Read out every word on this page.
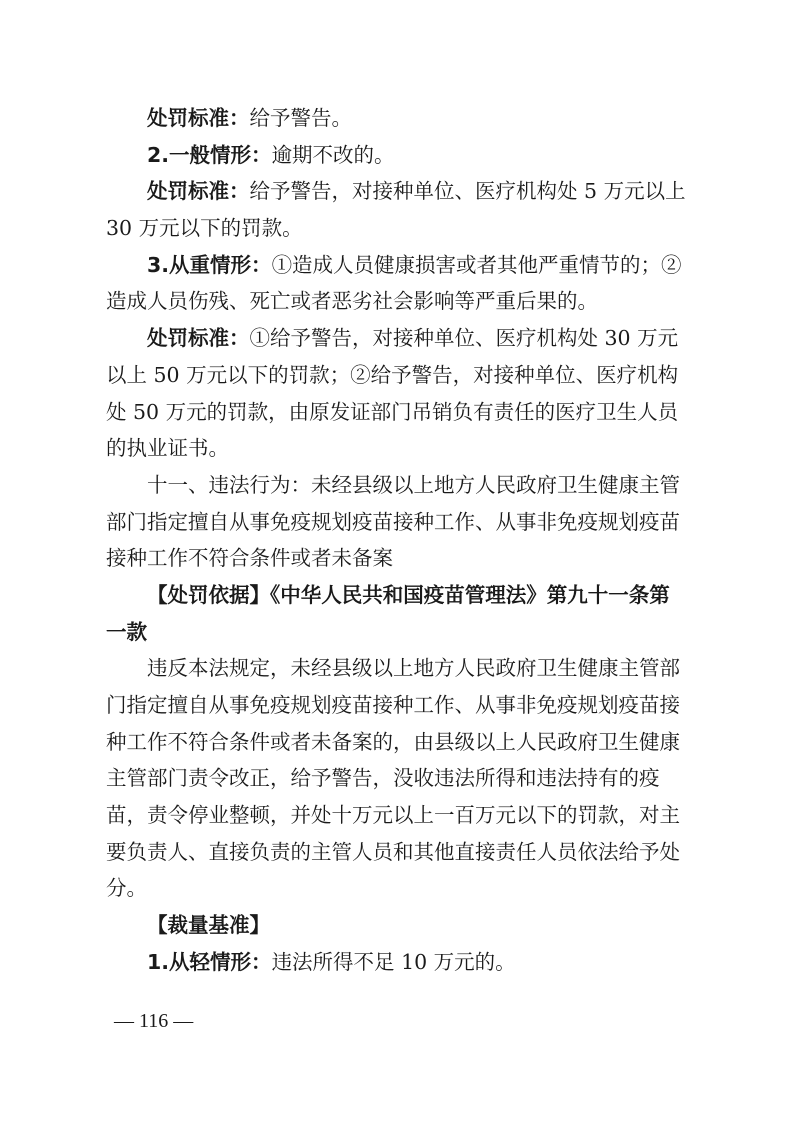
处罚标准：给予警告。
2.一般情形：逾期不改的。
处罚标准：给予警告，对接种单位、医疗机构处 5 万元以上
30 万元以下的罚款。
3.从重情形：①造成人员健康损害或者其他严重情节的；②
造成人员伤残、死亡或者恶劣社会影响等严重后果的。
处罚标准：①给予警告，对接种单位、医疗机构处 30 万元
以上 50 万元以下的罚款；②给予警告，对接种单位、医疗机构
处 50 万元的罚款，由原发证部门吊销负有责任的医疗卫生人员
的执业证书。
十一、违法行为：未经县级以上地方人民政府卫生健康主管
部门指定擅自从事免疫规划疫苗接种工作、从事非免疫规划疫苗
接种工作不符合条件或者未备案
【处罚依据】《中华人民共和国疫苗管理法》第九十一条第
一款
违反本法规定，未经县级以上地方人民政府卫生健康主管部
门指定擅自从事免疫规划疫苗接种工作、从事非免疫规划疫苗接
种工作不符合条件或者未备案的，由县级以上人民政府卫生健康
主管部门责令改正，给予警告，没收违法所得和违法持有的疫
苗，责令停业整顿，并处十万元以上一百万元以下的罚款，对主
要负责人、直接负责的主管人员和其他直接责任人员依法给予处
分。
【裁量基准】
1.从轻情形：违法所得不足 10 万元的。
— 116 —
